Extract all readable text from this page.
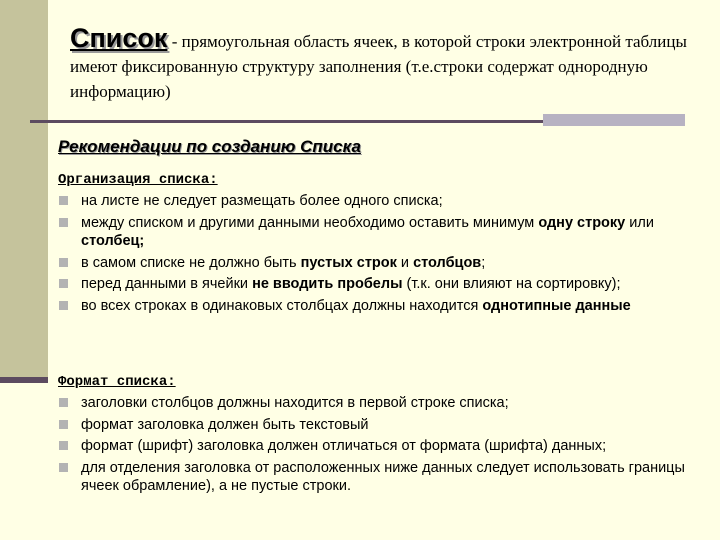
Список - прямоугольная область ячеек, в которой строки электронной таблицы имеют фиксированную структуру заполнения (т.е.строки содержат однородную информацию)
Рекомендации по созданию Списка
Организация списка:
на листе не следует размещать более одного списка;
между списком и другими данными необходимо оставить минимум одну строку или столбец;
в самом списке не должно быть пустых строк и столбцов;
перед данными в ячейки не вводить пробелы (т.к. они влияют на сортировку);
во всех строках в одинаковых столбцах должны находится однотипные данные
Формат списка:
заголовки столбцов должны находится в первой строке списка;
формат заголовка должен быть текстовый
формат (шрифт) заголовка должен отличаться от формата (шрифта) данных;
для отделения заголовка от расположенных ниже данных следует использовать границы ячеек обрамление), а не пустые строки.
